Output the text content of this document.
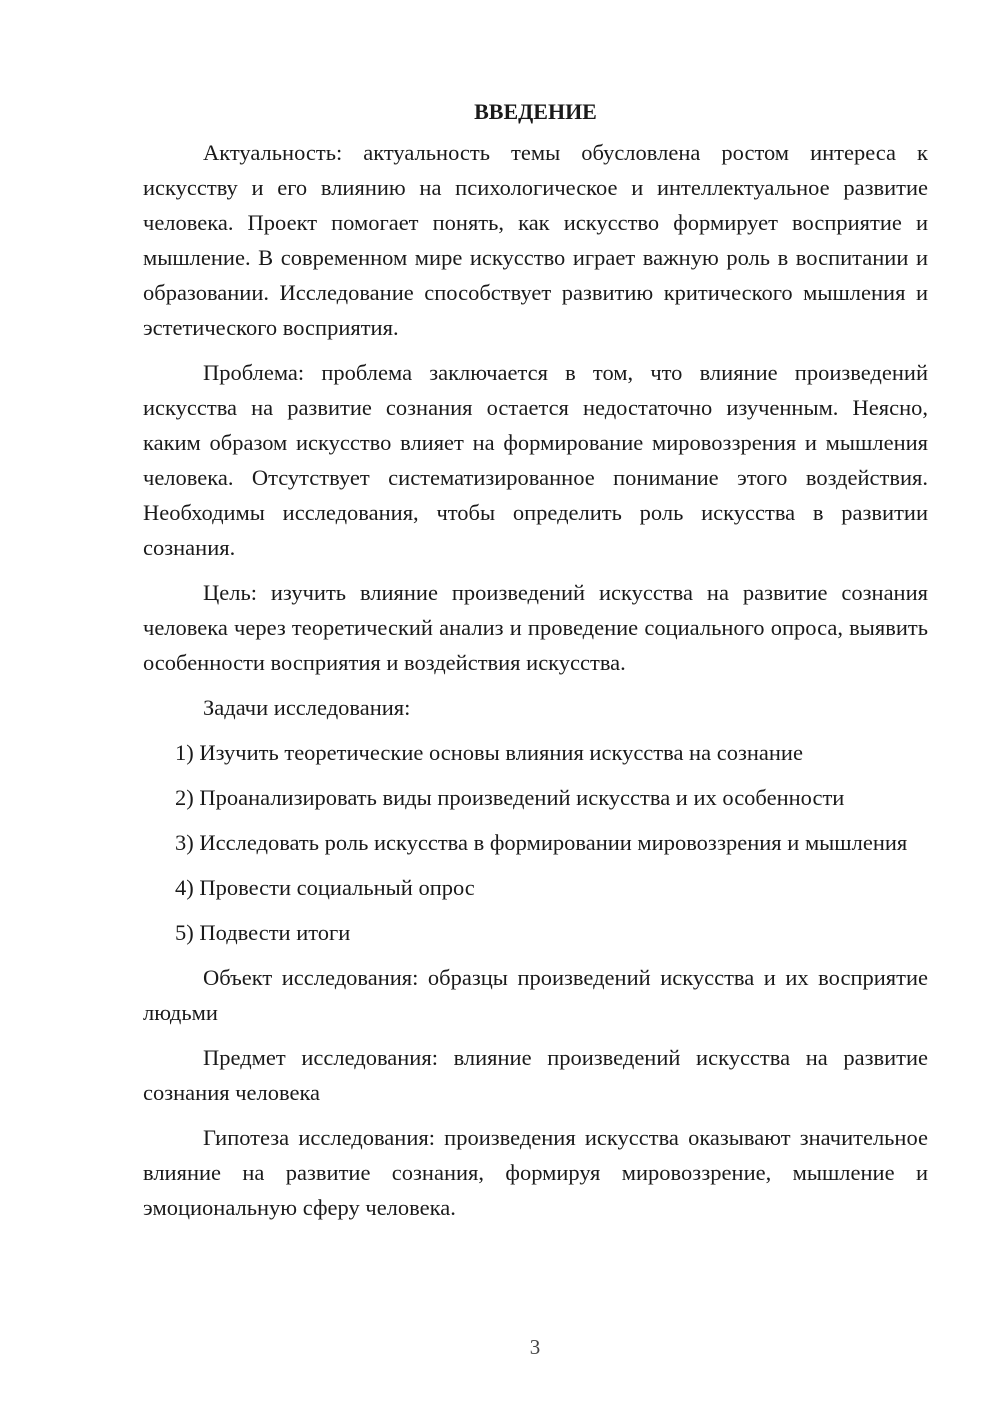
ВВЕДЕНИЕ

Актуальность: актуальность темы обусловлена ростом интереса к искусству и его влиянию на психологическое и интеллектуальное развитие человека. Проект помогает понять, как искусство формирует восприятие и мышление. В современном мире искусство играет важную роль в воспитании и образовании. Исследование способствует развитию критического мышления и эстетического восприятия.

Проблема: проблема заключается в том, что влияние произведений искусства на развитие сознания остается недостаточно изученным. Неясно, каким образом искусство влияет на формирование мировоззрения и мышления человека. Отсутствует систематизированное понимание этого воздействия. Необходимы исследования, чтобы определить роль искусства в развитии сознания.

Цель: изучить влияние произведений искусства на развитие сознания человека через теоретический анализ и проведение социального опроса, выявить особенности восприятия и воздействия искусства.

Задачи исследования:

1) Изучить теоретические основы влияния искусства на сознание

2) Проанализировать виды произведений искусства и их особенности

3) Исследовать роль искусства в формировании мировоззрения и мышления

4) Провести социальный опрос

5) Подвести итоги

Объект исследования: образцы произведений искусства и их восприятие людьми

Предмет исследования: влияние произведений искусства на развитие сознания человека

Гипотеза исследования: произведения искусства оказывают значительное влияние на развитие сознания, формируя мировоззрение, мышление и эмоциональную сферу человека.

3
